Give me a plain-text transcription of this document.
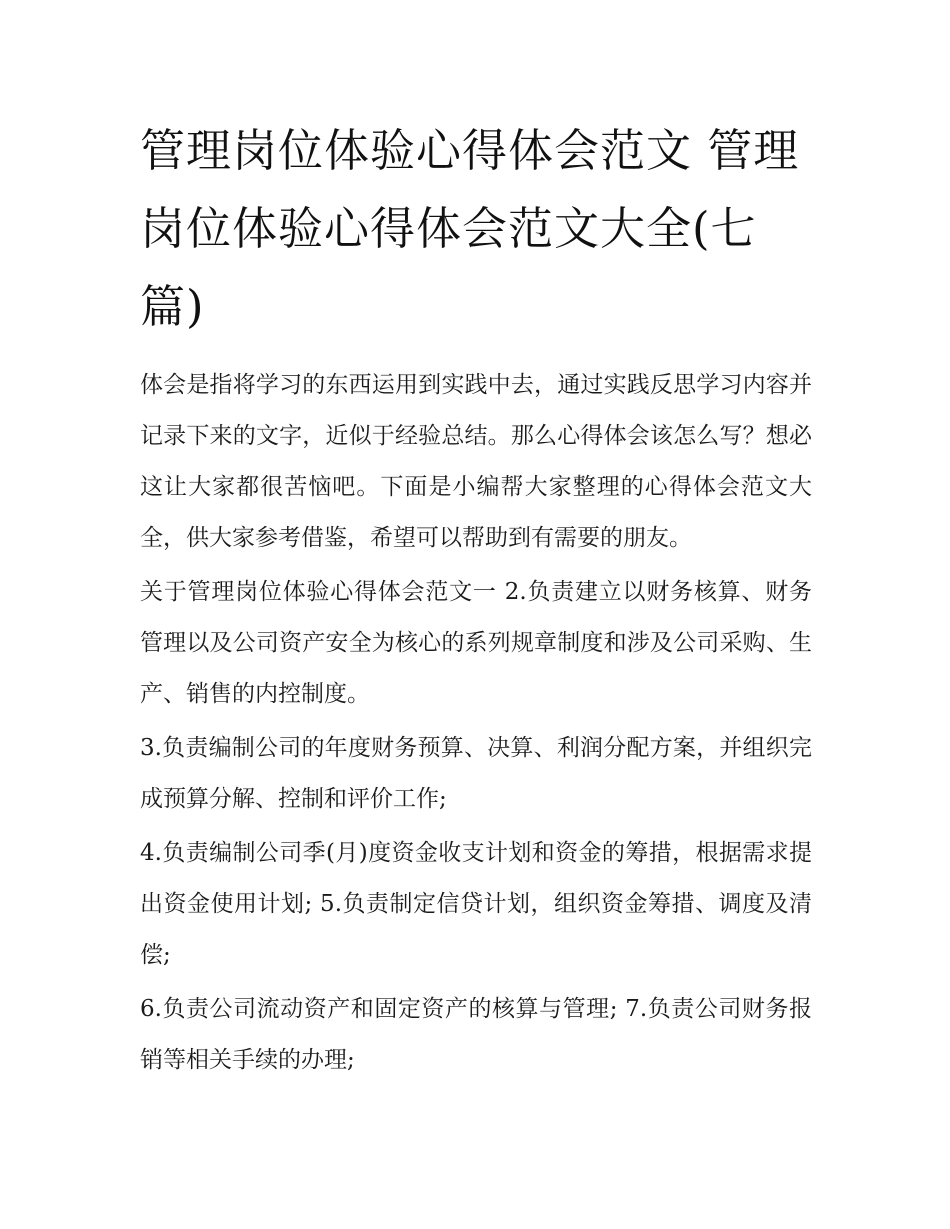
管理岗位体验心得体会范文 管理岗位体验心得体会范文大全(七篇)

体会是指将学习的东西运用到实践中去，通过实践反思学习内容并记录下来的文字，近似于经验总结。那么心得体会该怎么写？想必这让大家都很苦恼吧。下面是小编帮大家整理的心得体会范文大全，供大家参考借鉴，希望可以帮助到有需要的朋友。

关于管理岗位体验心得体会范文一 2.负责建立以财务核算、财务管理以及公司资产安全为核心的系列规章制度和涉及公司采购、生产、销售的内控制度。

3.负责编制公司的年度财务预算、决算、利润分配方案，并组织完成预算分解、控制和评价工作;

4.负责编制公司季(月)度资金收支计划和资金的筹措，根据需求提出资金使用计划; 5.负责制定信贷计划，组织资金筹措、调度及清偿;

6.负责公司流动资产和固定资产的核算与管理; 7.负责公司财务报销等相关手续的办理;
